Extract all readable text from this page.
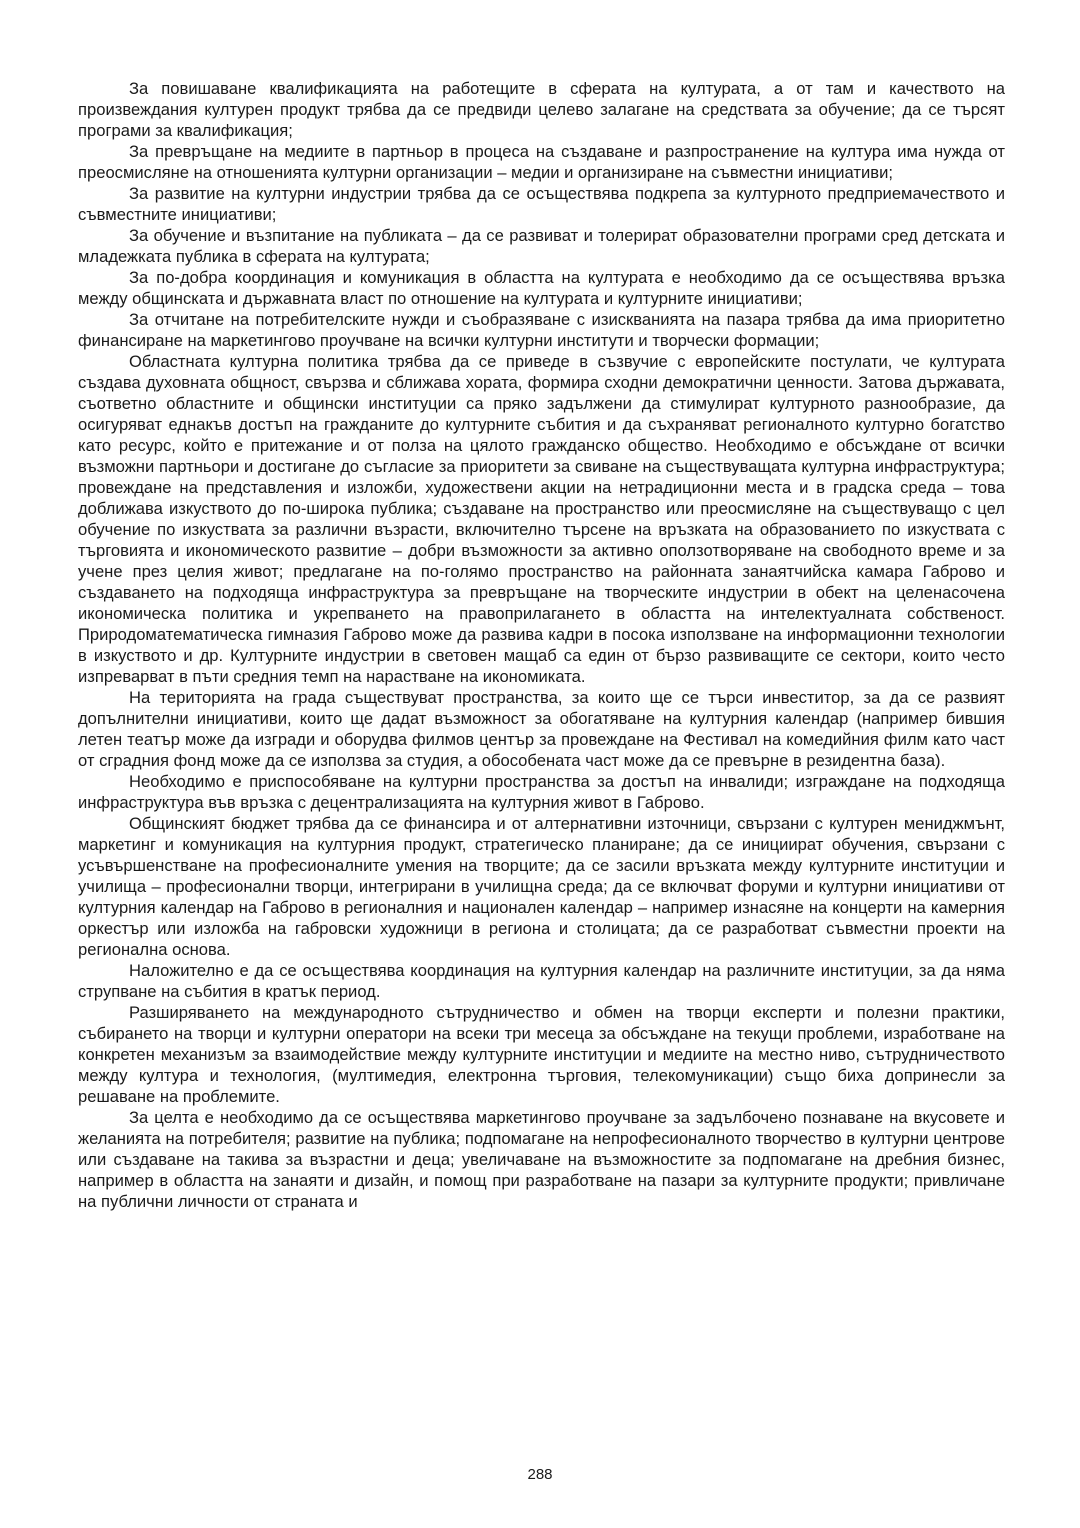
За повишаване квалификацията на работещите в сферата на културата, а от там и качеството на произвеждания културен продукт трябва да се предвиди целево залагане на средствата за обучение; да се търсят програми за квалификация;

За превръщане на медиите в партньор в процеса на създаване и разпространение на култура има нужда от преосмисляне на отношенията културни организации – медии и организиране на съвместни инициативи;

За развитие на културни индустрии трябва да се осъществява подкрепа за културното предприемачеството и съвместните инициативи;

За обучение и възпитание на публиката – да се развиват и толерират образователни програми сред детската и младежката публика в сферата на културата;

За по-добра координация и комуникация в областта на културата е необходимо да се осъществява връзка между общинската и държавната власт по отношение на културата и културните инициативи;

За отчитане на потребителските нужди и съобразяване с изискванията на пазара трябва да има приоритетно финансиране на маркетингово проучване на всички културни институти и творчески формации;

Областната културна политика трябва да се приведе в съзвучие с европейските постулати, че културата създава духовната общност, свързва и сближава хората, формира сходни демократични ценности. Затова държавата, съответно областните и общински институции са пряко задължени да стимулират културното разнообразие, да осигуряват еднакъв достъп на гражданите до културните събития и да съхраняват регионалното културно богатство като ресурс, който е притежание и от полза на цялото гражданско общество. Необходимо е обсъждане от всички възможни партньори и достигане до съгласие за приоритети за свиване на съществуващата културна инфраструктура; провеждане на представления и изложби, художествени акции на нетрадиционни места и в градска среда – това доближава изкуството до по-широка публика; създаване на пространство или преосмисляне на съществуващо с цел обучение по изкуствата за различни възрасти, включително търсене на връзката на образованието по изкуствата с търговията и икономическото развитие – добри възможности за активно оползотворяване на свободното време и за учене през целия живот; предлагане на по-голямо пространство на районната занаятчийска камара Габрово и създаването на подходяща инфраструктура за превръщане на творческите индустрии в обект на целенасочена икономическа политика и укрепването на правоприлагането в областта на интелектуалната собственост. Природоматематическа гимназия Габрово може да развива кадри в посока използване на информационни технологии в изкуството и др. Културните индустрии в световен мащаб са един от бързо развиващите се сектори, които често изпреварват в пъти средния темп на нарастване на икономиката.

На територията на града съществуват пространства, за които ще се търси инвеститор, за да се развият допълнителни инициативи, които ще дадат възможност за обогатяване на културния календар (например бившия летен театър може да изгради и оборудва филмов център за провеждане на Фестивал на комедийния филм като част от сградния фонд може да се използва за студия, а обособената част може да се превърне в резидентна база).

Необходимо е приспособяване на културни пространства за достъп на инвалиди; изграждане на подходяща инфраструктура във връзка с децентрализацията на културния живот в Габрово.

Общинският бюджет трябва да се финансира и от алтернативни източници, свързани с културен мениджмънт, маркетинг и комуникация на културния продукт, стратегическо планиране; да се инициират обучения, свързани с усъвършенстване на професионалните умения на творците; да се засили връзката между културните институции и училища – професионални творци, интегрирани в училищна среда; да се включват форуми и културни инициативи от културния календар на Габрово в регионалния и национален календар – например изнасяне на концерти на камерния оркестър или изложба на габровски художници в региона и столицата; да се разработват съвместни проекти на регионална основа.

Наложително е да се осъществява координация на културния календар на различните институции, за да няма струпване на събития в кратък период.

Разширяването на международното сътрудничество и обмен на творци експерти и полезни практики, събирането на творци и културни оператори на всеки три месеца за обсъждане на текущи проблеми, изработване на конкретен механизъм за взаимодействие между културните институции и медиите на местно ниво, сътрудничеството между култура и технология, (мултимедия, електронна търговия, телекомуникации) също биха допринесли за решаване на проблемите.

За целта е необходимо да се осъществява маркетингово проучване за задълбочено познаване на вкусовете и желанията на потребителя; развитие на публика; подпомагане на непрофесионалното творчество в културни центрове или създаване на такива за възрастни и деца; увеличаване на възможностите за подпомагане на дребния бизнес, например в областта на занаяти и дизайн, и помощ при разработване на пазари за културните продукти; привличане на публични личности от страната и

288
